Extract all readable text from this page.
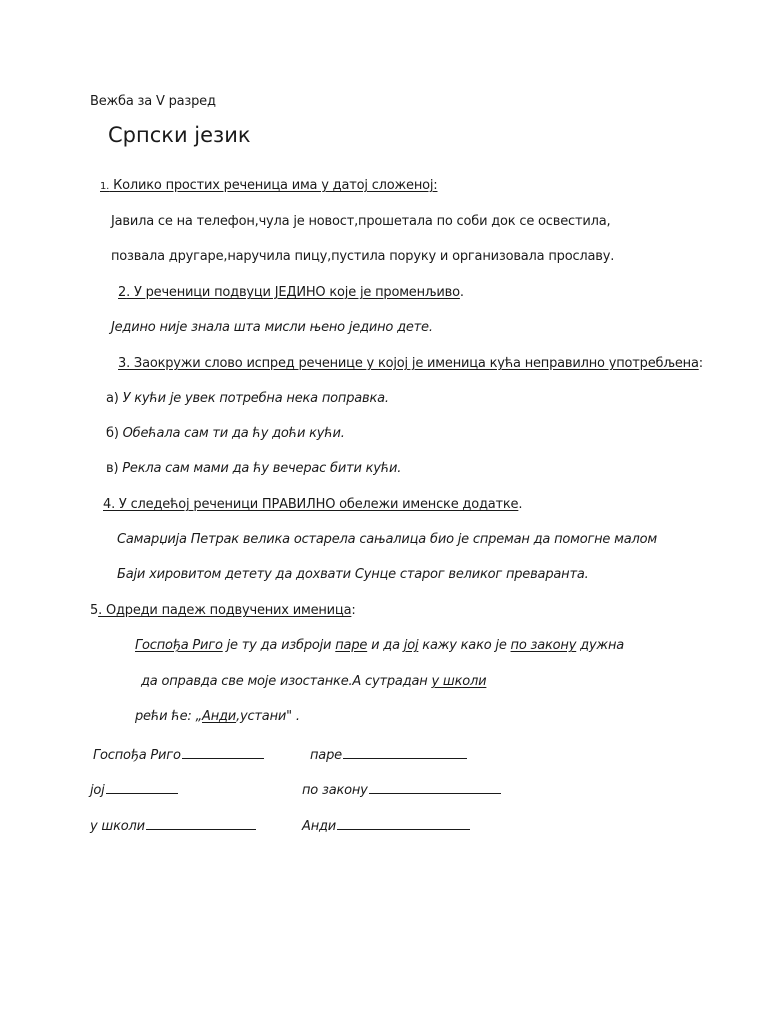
Вежба за V разред
Српски језик
1. Колико простих реченица има у датој сложеној:
Јавила се на телефон,чула је новост,прошетала по соби док се освестила,
позвала другаре,наручила пицу,пустила поруку и организовала прославу.
2. У реченици подвуци ЈЕДИНО које је променљиво.
Једино није знала шта мисли њено једино дете.
3. Заокружи слово испред реченице у којој је именица кућа неправилно употребљена:
а) У кући је увек потребна нека поправка.
б) Обећала сам ти да ћу доћи кући.
в) Рекла сам мами да ћу вечерас бити кући.
4. У следећој реченици ПРАВИЛНО обележи именске додатке.
Самарџија Петрак велика остарела сањалица био је спреман да помогне малом
Баји хировитом детету да дохвати Сунце старог великог преваранта.
5. Одреди падеж подвучених именица:
Госпођа Риго је ту да изброји паре и да јој кажу како је по закону дужна
да оправда све моје изостанке.А сутрадан у школи
рећи ће: „Анди,устани" .
Госпођа Риго	паре
јој	по закону
у школи	Анди
